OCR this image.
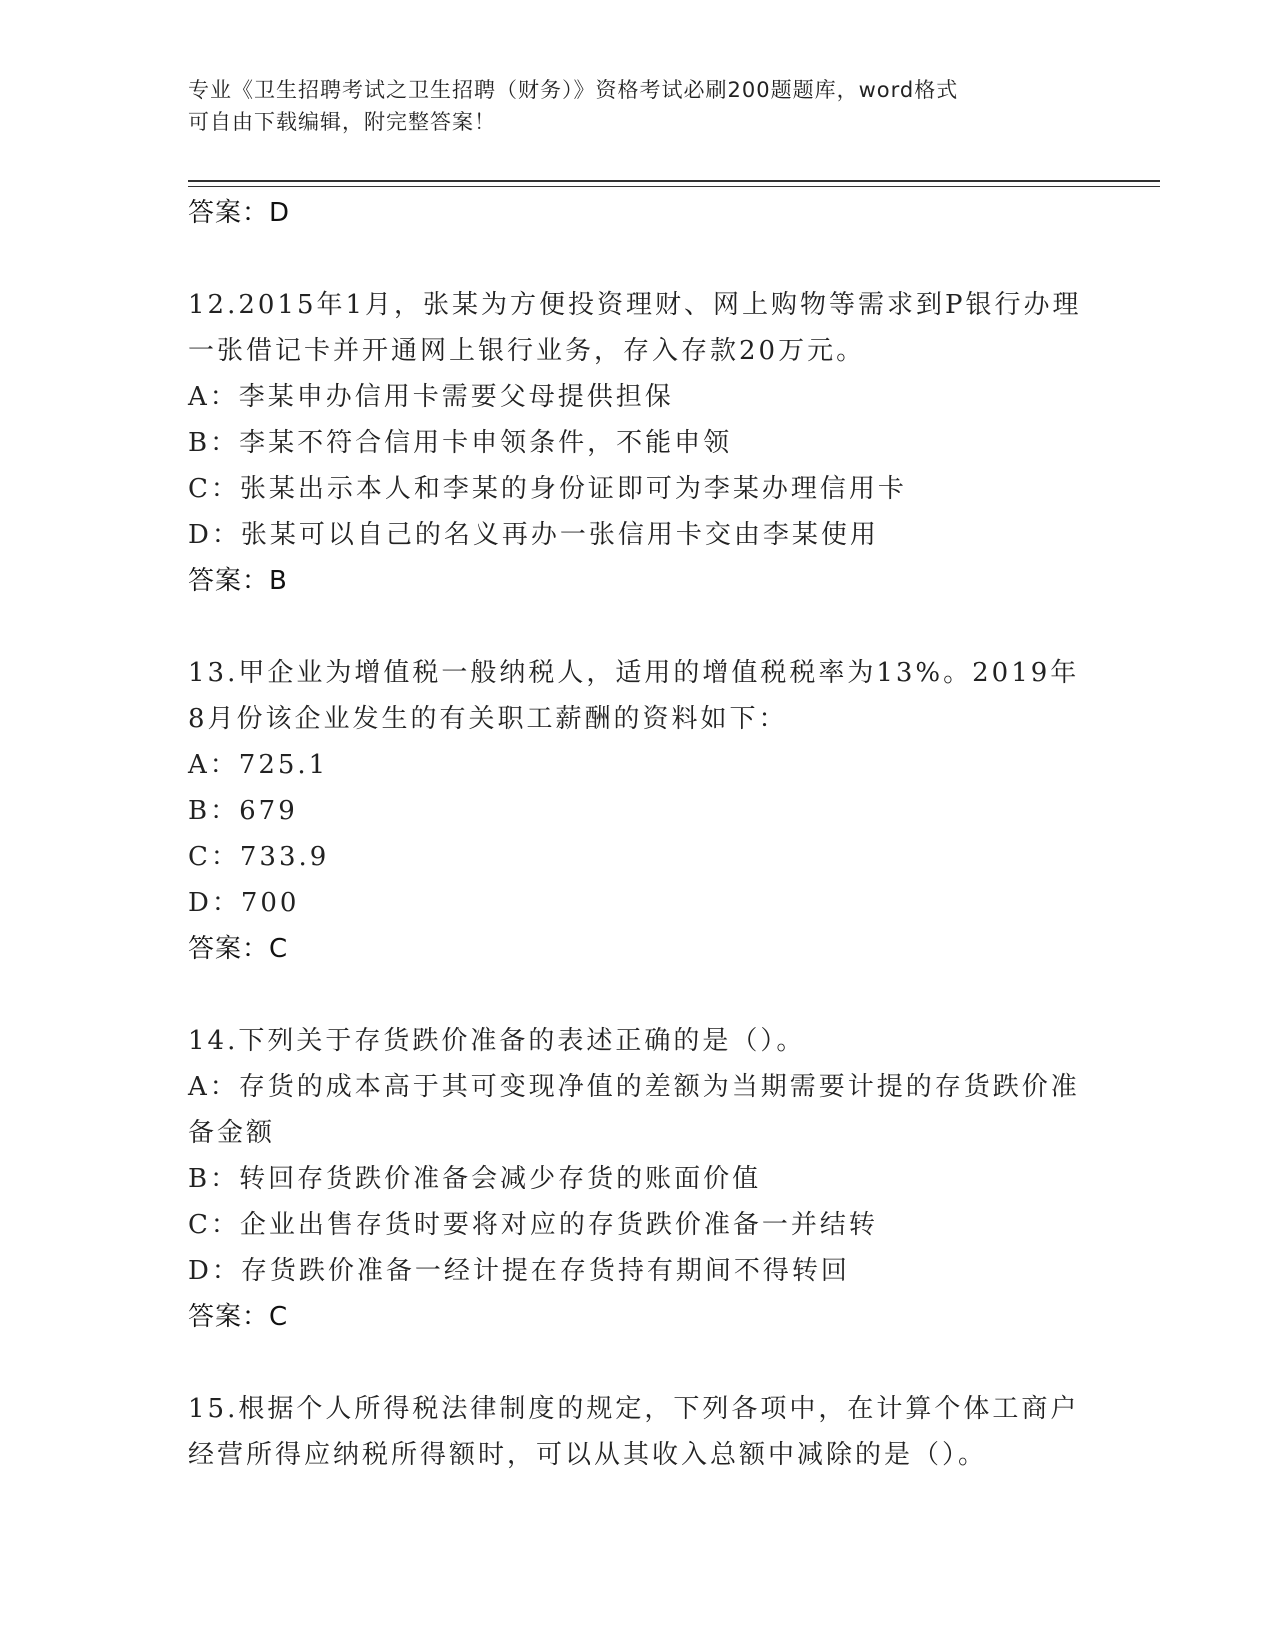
专业《卫生招聘考试之卫生招聘（财务）》资格考试必刷200题题库，word格式
可自由下载编辑，附完整答案！
答案：D
12.2015年1月，张某为方便投资理财、网上购物等需求到P银行办理一张借记卡并开通网上银行业务，存入存款20万元。
A：李某申办信用卡需要父母提供担保
B：李某不符合信用卡申领条件，不能申领
C：张某出示本人和李某的身份证即可为李某办理信用卡
D：张某可以自己的名义再办一张信用卡交由李某使用
答案：B
13.甲企业为增值税一般纳税人，适用的增值税税率为13%。2019年8月份该企业发生的有关职工薪酬的资料如下：
A：725.1
B：679
C：733.9
D：700
答案：C
14.下列关于存货跌价准备的表述正确的是（）。
A：存货的成本高于其可变现净值的差额为当期需要计提的存货跌价准备金额
B：转回存货跌价准备会减少存货的账面价值
C：企业出售存货时要将对应的存货跌价准备一并结转
D：存货跌价准备一经计提在存货持有期间不得转回
答案：C
15.根据个人所得税法律制度的规定，下列各项中，在计算个体工商户经营所得应纳税所得额时，可以从其收入总额中减除的是（）。
